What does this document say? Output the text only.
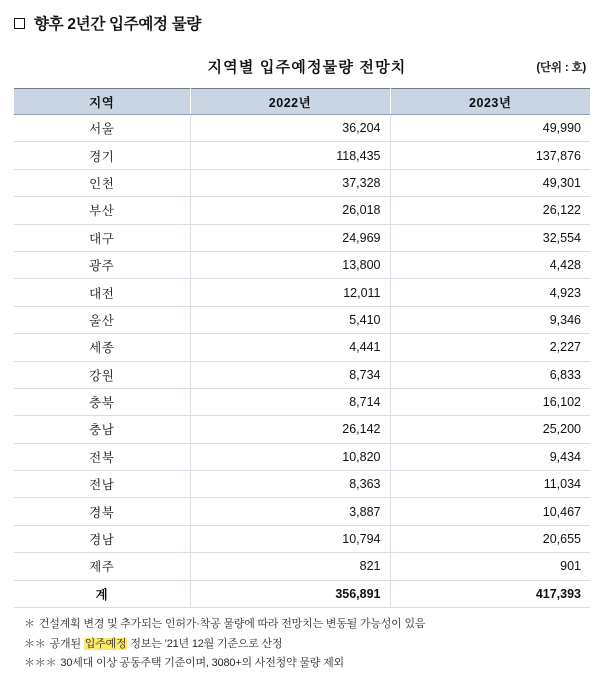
향후 2년간 입주예정 물량
지역별 입주예정물량 전망치	(단위 : 호)
지역	2022년	2023년
서울	36,204	49,990
경기	118,435	137,876
인천	37,328	49,301
부산	26,018	26,122
대구	24,969	32,554
광주	13,800	4,428
대전	12,011	4,923
울산	5,410	9,346
세종	4,441	2,227
강원	8,734	6,833
충북	8,714	16,102
충남	26,142	25,200
전북	10,820	9,434
전남	8,363	11,034
경북	3,887	10,467
경남	10,794	20,655
제주	821	901
계	356,891	417,393
＊ 건설계획 변경 및 추가되는 인허가·착공 물량에 따라 전망치는 변동될 가능성이 있음
＊＊ 공개된 입주예정 정보는 ’21년 12월 기준으로 산정
＊＊＊ 30세대 이상 공동주택 기준이며, 3080+의 사전청약 물량 제외
